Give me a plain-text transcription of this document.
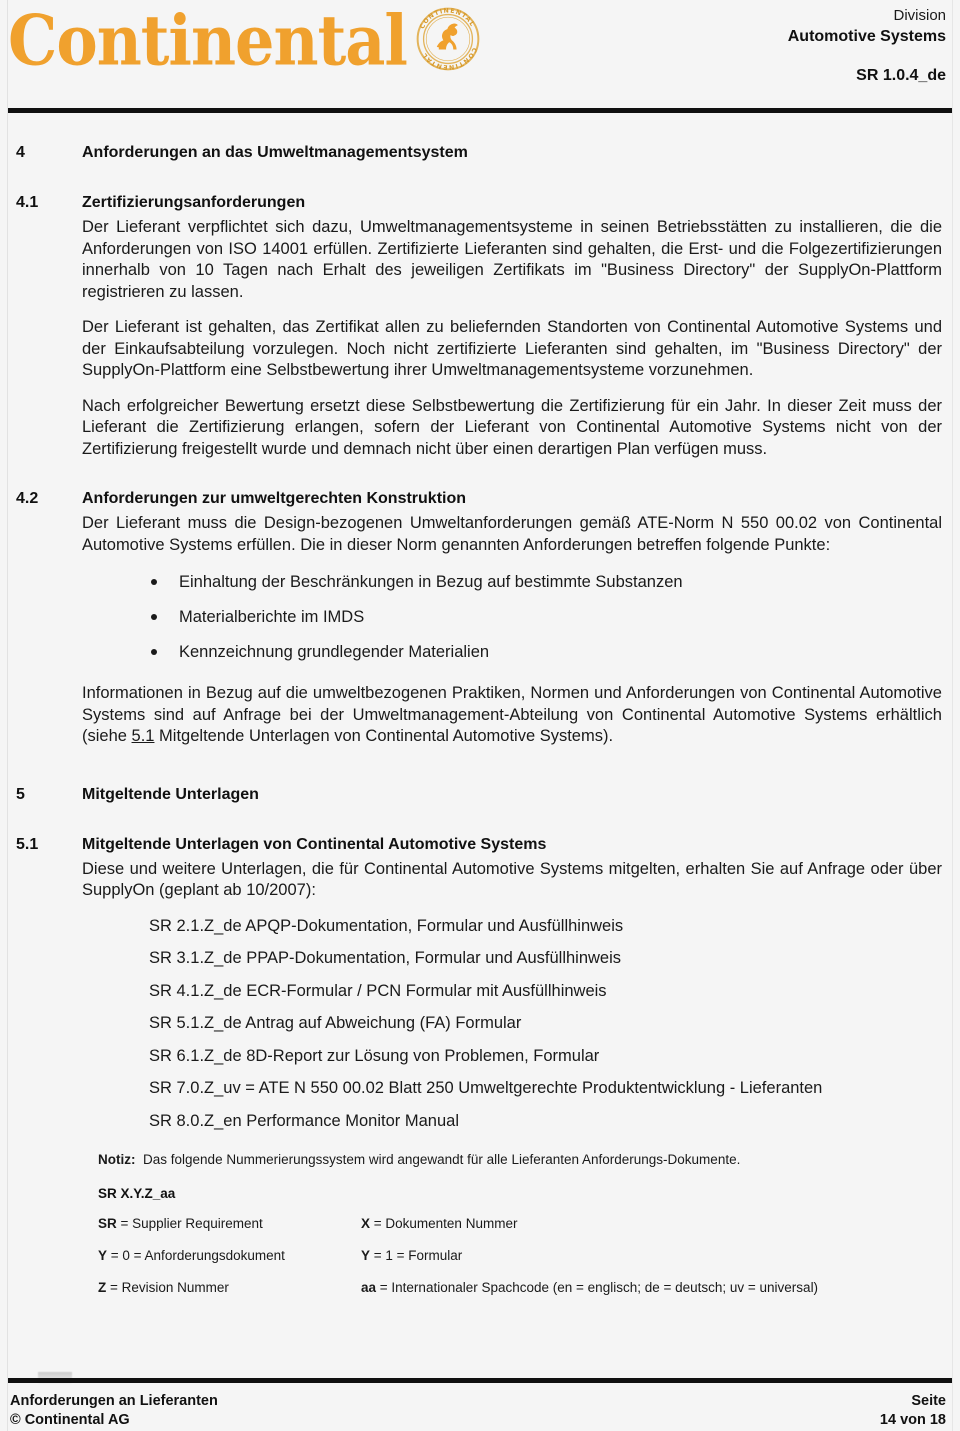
Continental CONTINENTAL
CONTINENTAL
Division
Automotive Systems
SR 1.0.4_de
4	Anforderungen an das Umweltmanagementsystem
4.1	Zertifizierungsanforderungen
Der Lieferant verpflichtet sich dazu, Umweltmanagementsysteme in seinen Betriebsstätten zu installieren, die die Anforderungen von ISO 14001 erfüllen. Zertifizierte Lieferanten sind gehalten, die Erst- und die Folgezertifizierungen innerhalb von 10 Tagen nach Erhalt des jeweiligen Zertifikats im "Business Directory" der SupplyOn-Plattform registrieren zu lassen.
Der Lieferant ist gehalten, das Zertifikat allen zu beliefernden Standorten von Continental Automotive Systems und der Einkaufsabteilung vorzulegen. Noch nicht zertifizierte Lieferanten sind gehalten, im "Business Directory" der SupplyOn-Plattform eine Selbstbewertung ihrer Umweltmanagementsysteme vorzunehmen.
Nach erfolgreicher Bewertung ersetzt diese Selbstbewertung die Zertifizierung für ein Jahr. In dieser Zeit muss der Lieferant die Zertifizierung erlangen, sofern der Lieferant von Continental Automotive Systems nicht von der Zertifizierung freigestellt wurde und demnach nicht über einen derartigen Plan verfügen muss.
4.2	Anforderungen zur umweltgerechten Konstruktion
Der Lieferant muss die Design-bezogenen Umweltanforderungen gemäß ATE-Norm N 550 00.02 von Continental Automotive Systems erfüllen. Die in dieser Norm genannten Anforderungen betreffen folgende Punkte:
Einhaltung der Beschränkungen in Bezug auf bestimmte Substanzen
Materialberichte im IMDS
Kennzeichnung grundlegender Materialien
Informationen in Bezug auf die umweltbezogenen Praktiken, Normen und Anforderungen von Continental Automotive Systems sind auf Anfrage bei der Umweltmanagement-Abteilung von Continental Automotive Systems erhältlich (siehe 5.1 Mitgeltende Unterlagen von Continental Automotive Systems).
5	Mitgeltende Unterlagen
5.1	Mitgeltende Unterlagen von Continental Automotive Systems
Diese und weitere Unterlagen, die für Continental Automotive Systems mitgelten, erhalten Sie auf Anfrage oder über SupplyOn (geplant ab 10/2007):
SR 2.1.Z_de APQP-Dokumentation, Formular und Ausfüllhinweis
SR 3.1.Z_de PPAP-Dokumentation, Formular und Ausfüllhinweis
SR 4.1.Z_de ECR-Formular / PCN Formular mit Ausfüllhinweis
SR 5.1.Z_de Antrag auf Abweichung (FA) Formular
SR 6.1.Z_de 8D-Report zur Lösung von Problemen, Formular
SR 7.0.Z_uv = ATE N 550 00.02 Blatt 250 Umweltgerechte Produktentwicklung - Lieferanten
SR 8.0.Z_en Performance Monitor Manual
Notiz: Das folgende Nummerierungssystem wird angewandt für alle Lieferanten Anforderungs-Dokumente.
SR X.Y.Z_aa
SR = Supplier Requirement	X = Dokumenten Nummer
Y = 0 = Anforderungsdokument	Y = 1 = Formular
Z = Revision Nummer	aa = Internationaler Spachcode (en = englisch; de = deutsch; uv = universal)
Anforderungen an Lieferanten
© Continental AG
Seite
14 von 18
